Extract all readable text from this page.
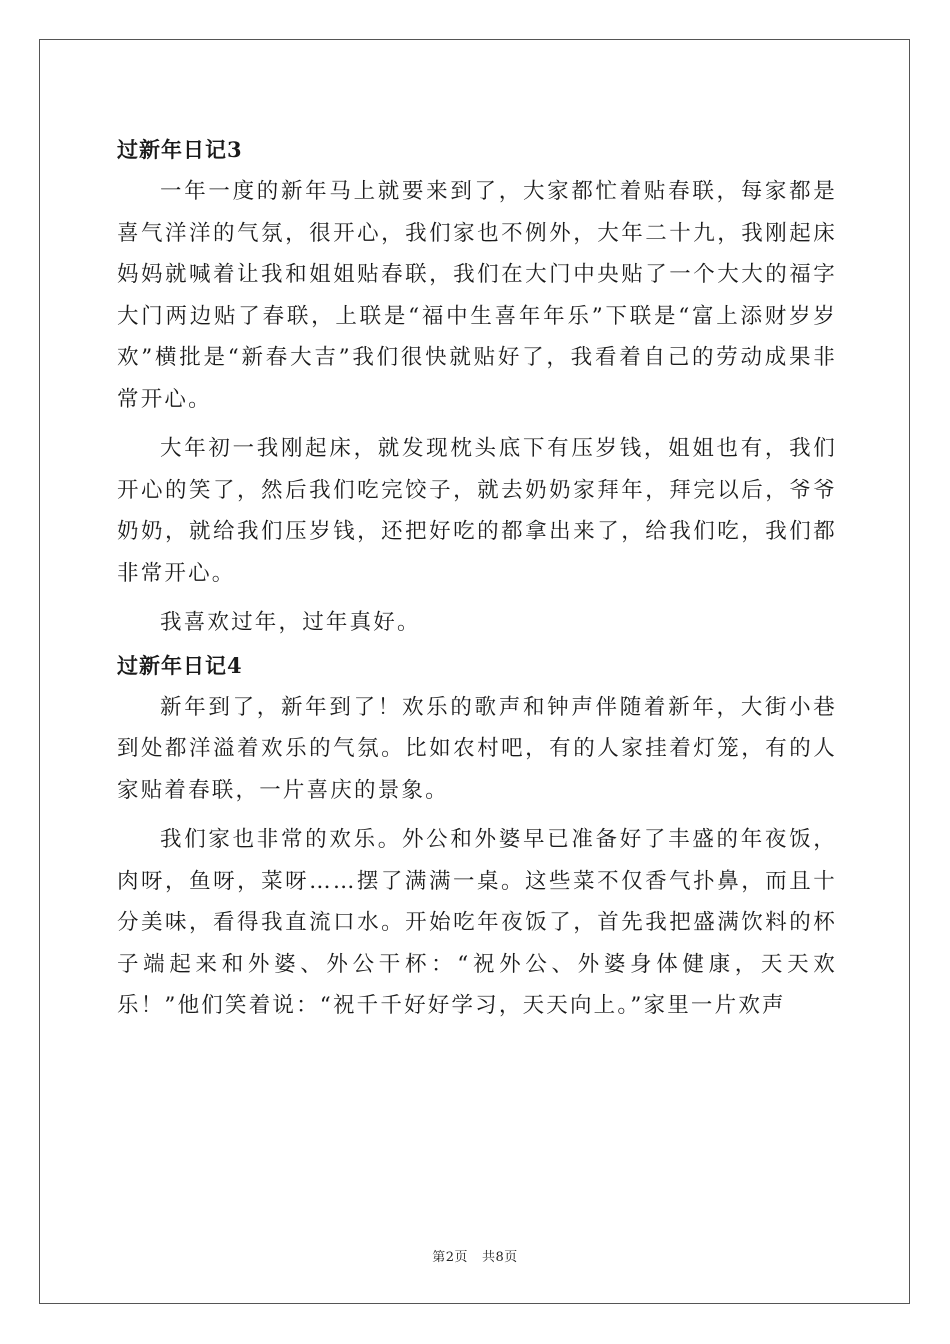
过新年日记3

一年一度的新年马上就要来到了，大家都忙着贴春联，每家都是喜气洋洋的气氛，很开心，我们家也不例外，大年二十九，我刚起床妈妈就喊着让我和姐姐贴春联，我们在大门中央贴了一个大大的福字大门两边贴了春联，上联是“福中生喜年年乐”下联是“富上添财岁岁欢”横批是“新春大吉”我们很快就贴好了，我看着自己的劳动成果非常开心。

大年初一我刚起床，就发现枕头底下有压岁钱，姐姐也有，我们开心的笑了，然后我们吃完饺子，就去奶奶家拜年，拜完以后，爷爷奶奶，就给我们压岁钱，还把好吃的都拿出来了，给我们吃，我们都非常开心。

我喜欢过年，过年真好。

过新年日记4

新年到了，新年到了！欢乐的歌声和钟声伴随着新年，大街小巷到处都洋溢着欢乐的气氛。比如农村吧，有的人家挂着灯笼，有的人家贴着春联，一片喜庆的景象。

我们家也非常的欢乐。外公和外婆早已准备好了丰盛的年夜饭，肉呀，鱼呀，菜呀……摆了满满一桌。这些菜不仅香气扑鼻，而且十分美味，看得我直流口水。开始吃年夜饭了，首先我把盛满饮料的杯子端起来和外婆、外公干杯：“祝外公、外婆身体健康，天天欢乐！”他们笑着说：“祝千千好好学习，天天向上。”家里一片欢声

第2页 共8页
